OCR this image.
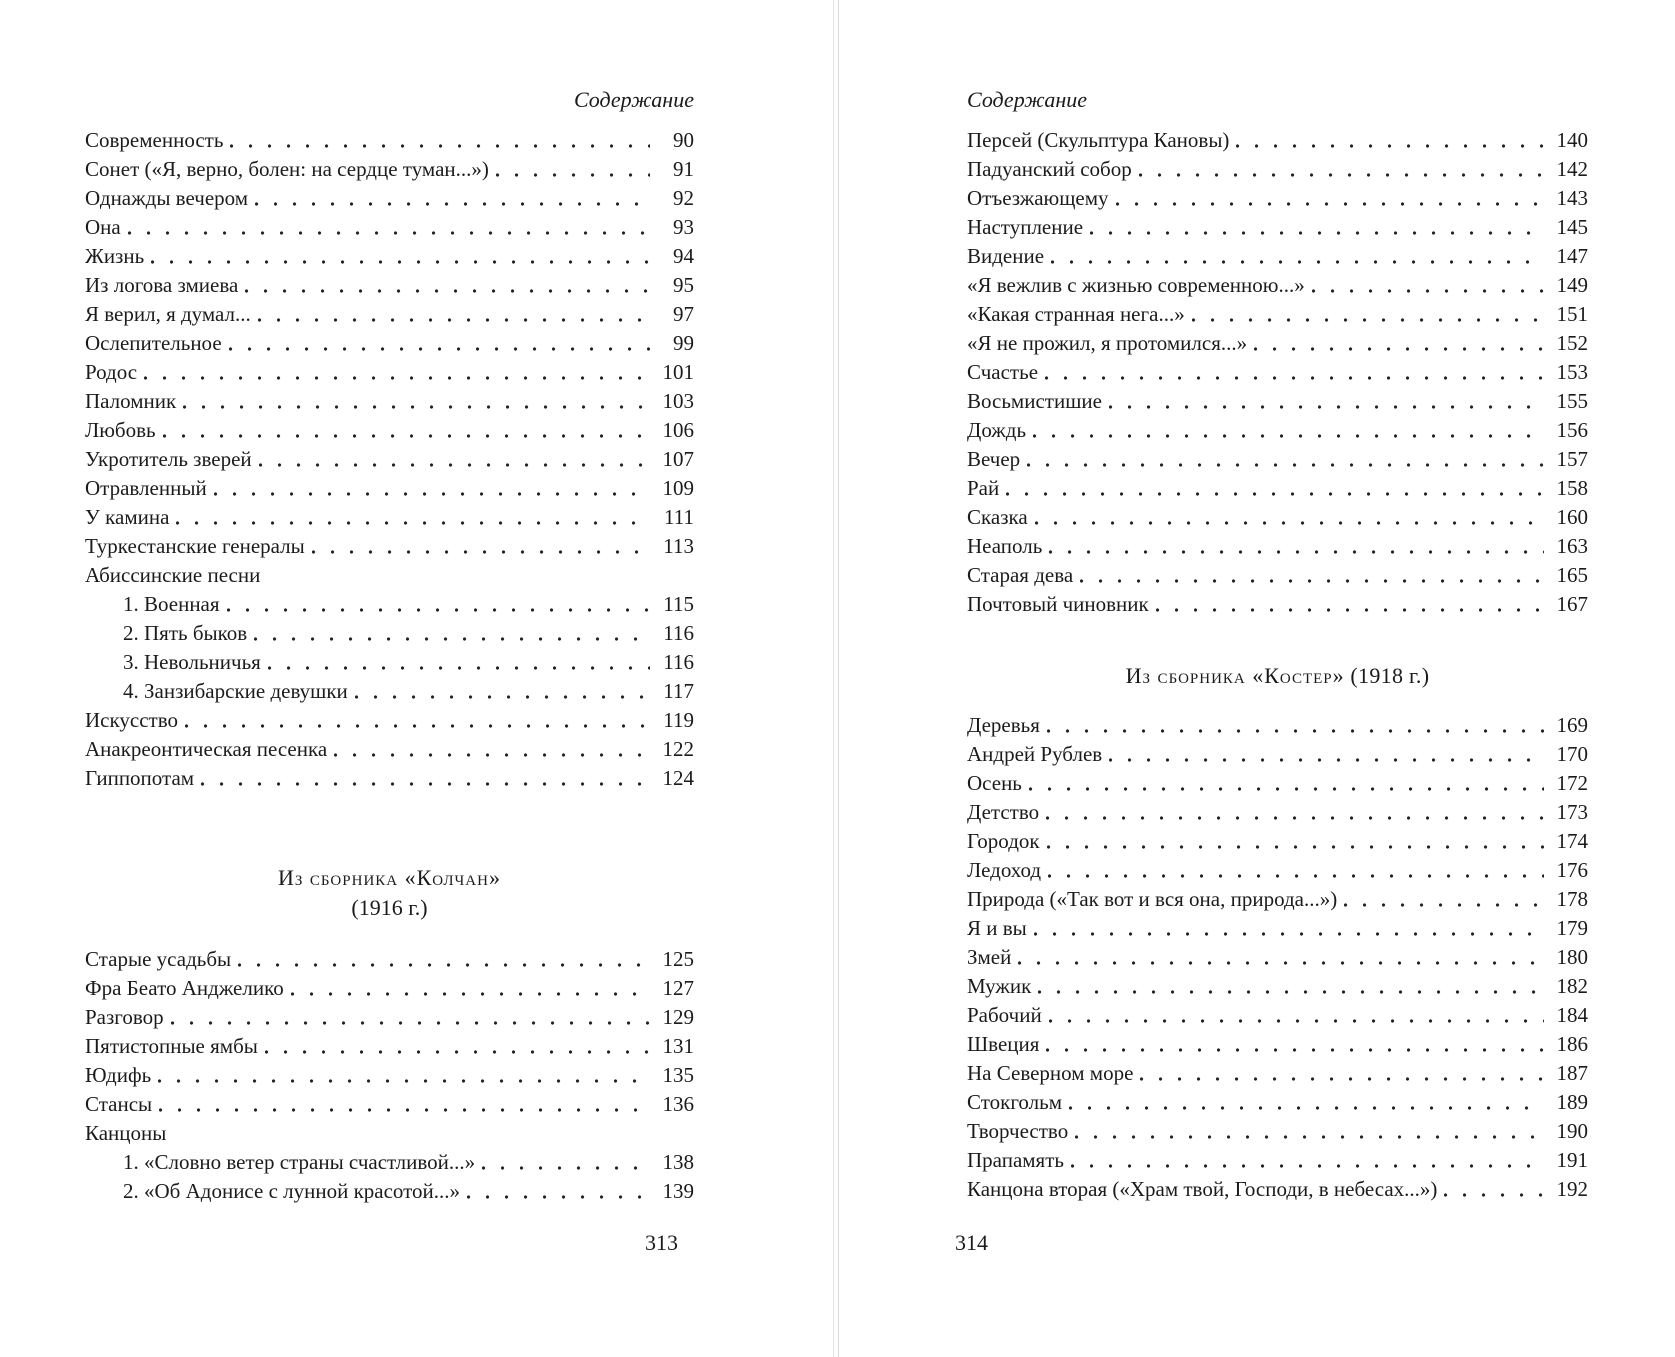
Содержание
Современность	90
Сонет («Я, верно, болен: на сердце туман...»)	91
Однажды вечером	92
Она	93
Жизнь	94
Из логова змиева	95
Я верил, я думал...	97
Ослепительное	99
Родос	101
Паломник	103
Любовь	106
Укротитель зверей	107
Отравленный	109
У камина	111
Туркестанские генералы	113
Абиссинские песни
1. Военная	115
2. Пять быков	116
3. Невольничья	116
4. Занзибарские девушки	117
Искусство	119
Анакреонтическая песенка	122
Гиппопотам	124
Из сборника «Колчан»
(1916 г.)
Старые усадьбы	125
Фра Беато Анджелико	127
Разговор	129
Пятистопные ямбы	131
Юдифь	135
Стансы	136
Канцоны
1. «Словно ветер страны счастливой...»	138
2. «Об Адонисе с лунной красотой...»	139
313
Содержание
Персей (Скульптура Кановы)	140
Падуанский собор	142
Отъезжающему	143
Наступление	145
Видение	147
«Я вежлив с жизнью современною...»	149
«Какая странная нега...»	151
«Я не прожил, я протомился...»	152
Счастье	153
Восьмистишие	155
Дождь	156
Вечер	157
Рай	158
Сказка	160
Неаполь	163
Старая дева	165
Почтовый чиновник	167
Из сборника «Костер» (1918 г.)
Деревья	169
Андрей Рублев	170
Осень	172
Детство	173
Городок	174
Ледоход	176
Природа («Так вот и вся она, природа...»)	178
Я и вы	179
Змей	180
Мужик	182
Рабочий	184
Швеция	186
На Северном море	187
Стокгольм	189
Творчество	190
Прапамять	191
Канцона вторая («Храм твой, Господи, в небесах...»)	192
314
